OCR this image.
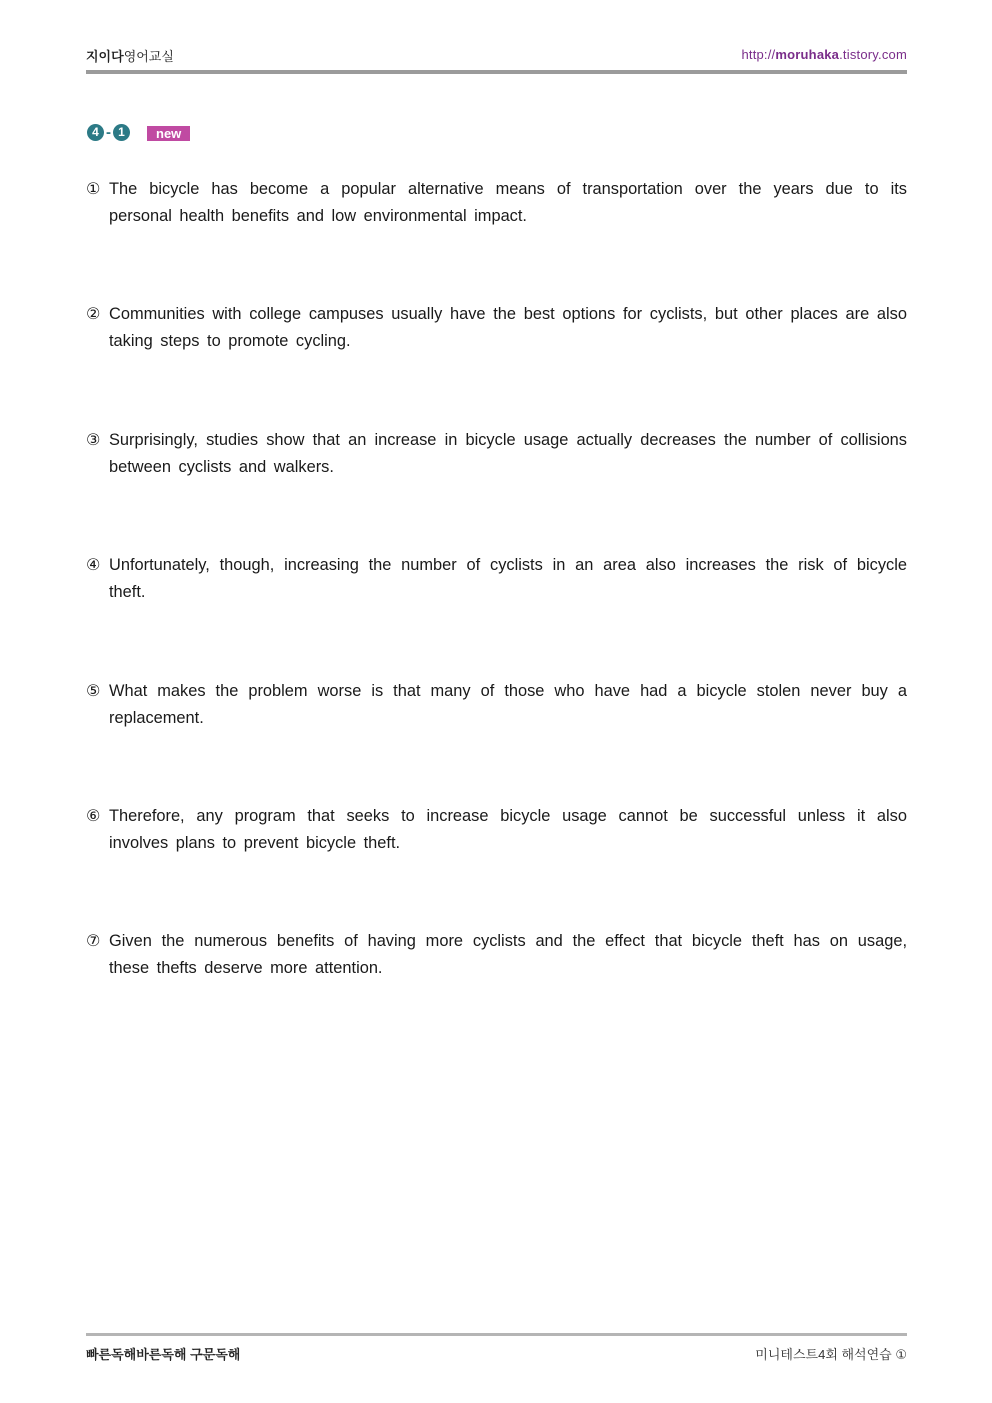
지이다영어교실	http://moruhaka.tistory.com
4 - 1	new
① The bicycle has become a popular alternative means of transportation over the years due to its personal health benefits and low environmental impact.
② Communities with college campuses usually have the best options for cyclists, but other places are also taking steps to promote cycling.
③ Surprisingly, studies show that an increase in bicycle usage actually decreases the number of collisions between cyclists and walkers.
④ Unfortunately, though, increasing the number of cyclists in an area also increases the risk of bicycle theft.
⑤ What makes the problem worse is that many of those who have had a bicycle stolen never buy a replacement.
⑥ Therefore, any program that seeks to increase bicycle usage cannot be successful unless it also involves plans to prevent bicycle theft.
⑦ Given the numerous benefits of having more cyclists and the effect that bicycle theft has on usage, these thefts deserve more attention.
빠른독해바른독해 구문독해	미니테스트4회 해석연습 ①
